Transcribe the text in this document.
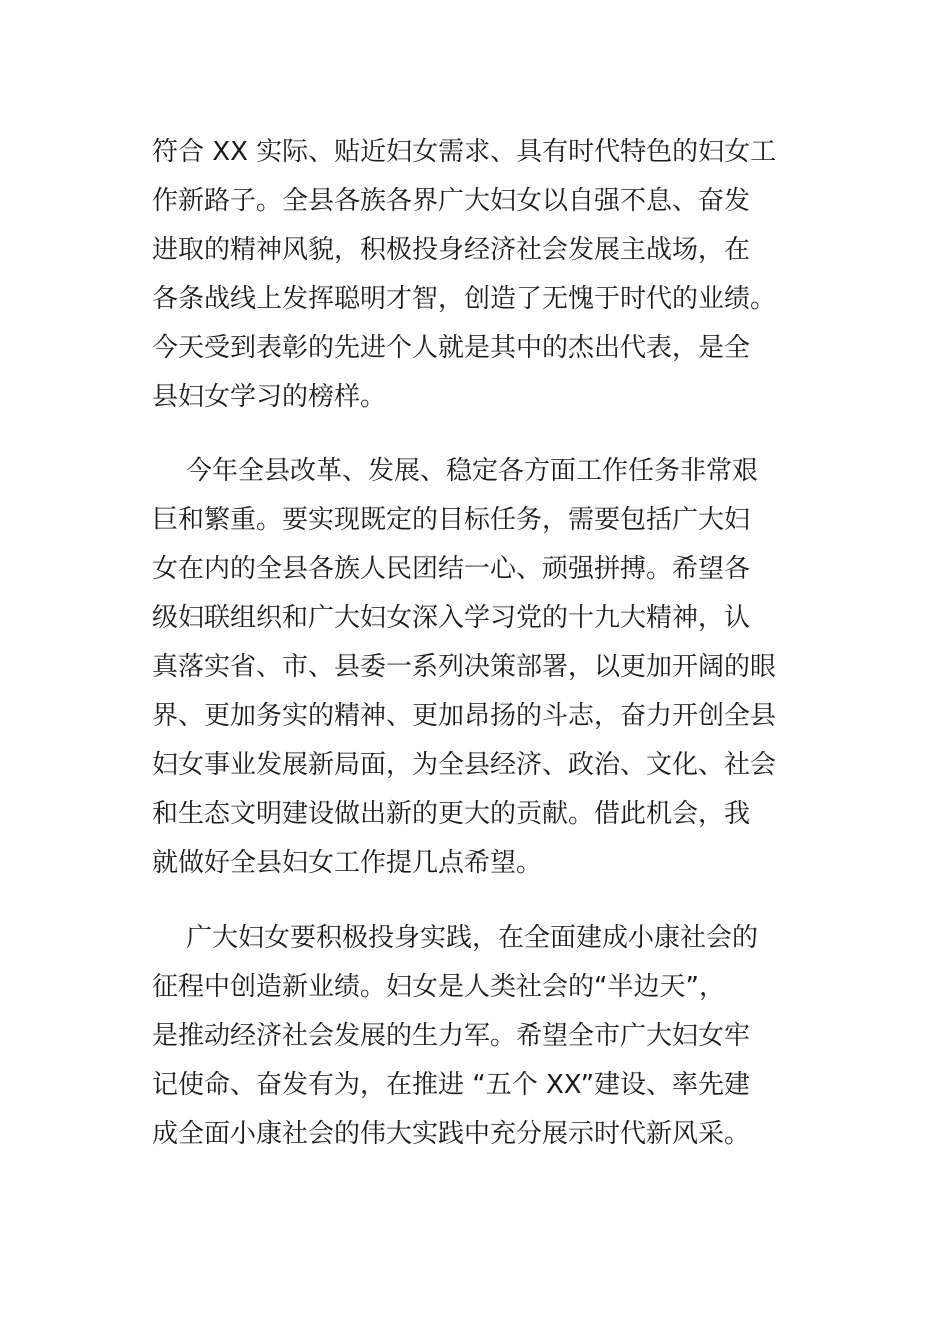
符合 XX 实际、贴近妇女需求、具有时代特色的妇女工
作新路子。全县各族各界广大妇女以自强不息、奋发
进取的精神风貌，积极投身经济社会发展主战场，在
各条战线上发挥聪明才智，创造了无愧于时代的业绩。
今天受到表彰的先进个人就是其中的杰出代表，是全
县妇女学习的榜样。
今年全县改革、发展、稳定各方面工作任务非常艰
巨和繁重。要实现既定的目标任务，需要包括广大妇
女在内的全县各族人民团结一心、顽强拼搏。希望各
级妇联组织和广大妇女深入学习党的十九大精神，认
真落实省、市、县委一系列决策部署，以更加开阔的眼
界、更加务实的精神、更加昂扬的斗志，奋力开创全县
妇女事业发展新局面，为全县经济、政治、文化、社会
和生态文明建设做出新的更大的贡献。借此机会，我
就做好全县妇女工作提几点希望。
广大妇女要积极投身实践，在全面建成小康社会的
征程中创造新业绩。妇女是人类社会的“半边天”，
是推动经济社会发展的生力军。希望全市广大妇女牢
记使命、奋发有为，在推进 “五个 XX”建设、率先建
成全面小康社会的伟大实践中充分展示时代新风采。
